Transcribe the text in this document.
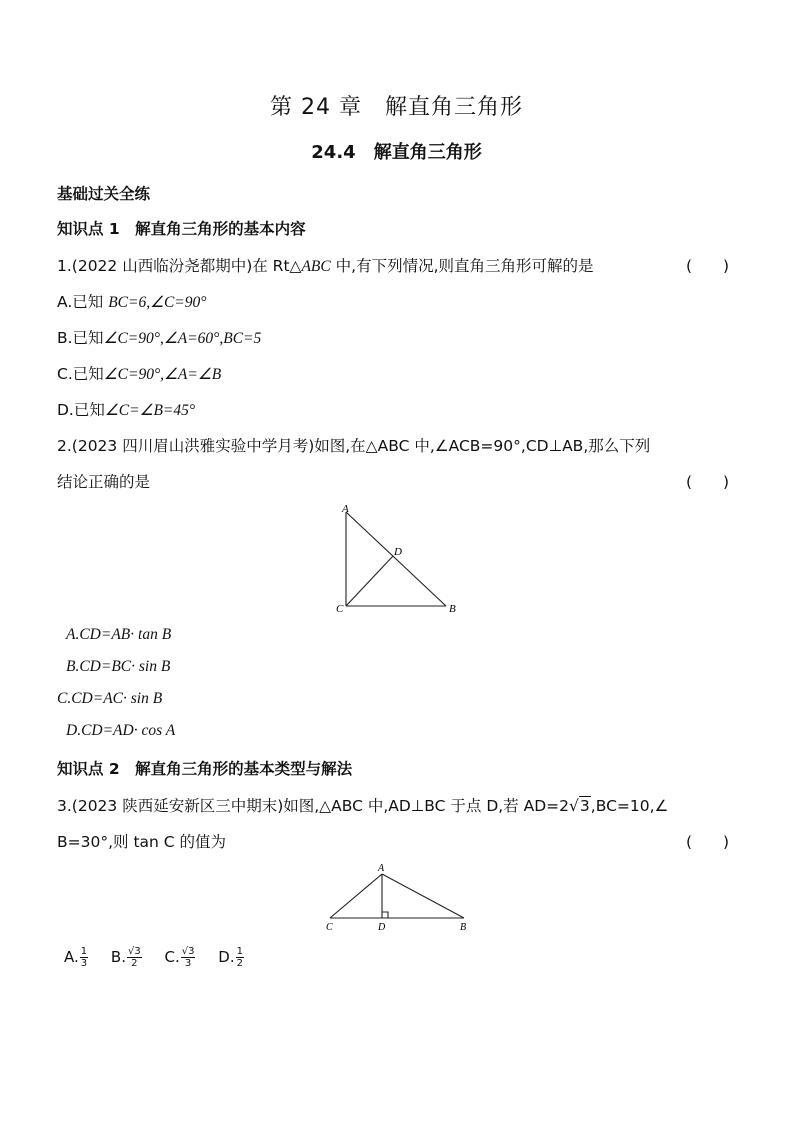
第 24 章　解直角三角形
24.4　解直角三角形
基础过关全练
知识点 1　解直角三角形的基本内容
1.(2022 山西临汾尧都期中)在 Rt△ABC 中,有下列情况,则直角三角形可解的是	(　　)
A.已知 BC=6,∠C=90°
B.已知∠C=90°,∠A=60°,BC=5
C.已知∠C=90°,∠A=∠B
D.已知∠C=∠B=45°
2.(2023 四川眉山洪雅实验中学月考)如图,在△ABC 中,∠ACB=90°,CD⊥AB,那么下列
结论正确的是	(　　)
A
D
C	B
A.CD=AB· tan B
B.CD=BC· sin B
C.CD=AC· sin B
D.CD=AD· cos A
知识点 2　解直角三角形的基本类型与解法
3.(2023 陕西延安新区三中期末)如图,△ABC 中,AD⊥BC 于点 D,若 AD=2√3,BC=10,∠
B=30°,则 tan C 的值为	(　　)
A
C	D	B
A. $\frac{1}{3} B$. $\frac{√3}{2} C$. $\frac{√3}{3} D$. $\frac{1}{2}$
